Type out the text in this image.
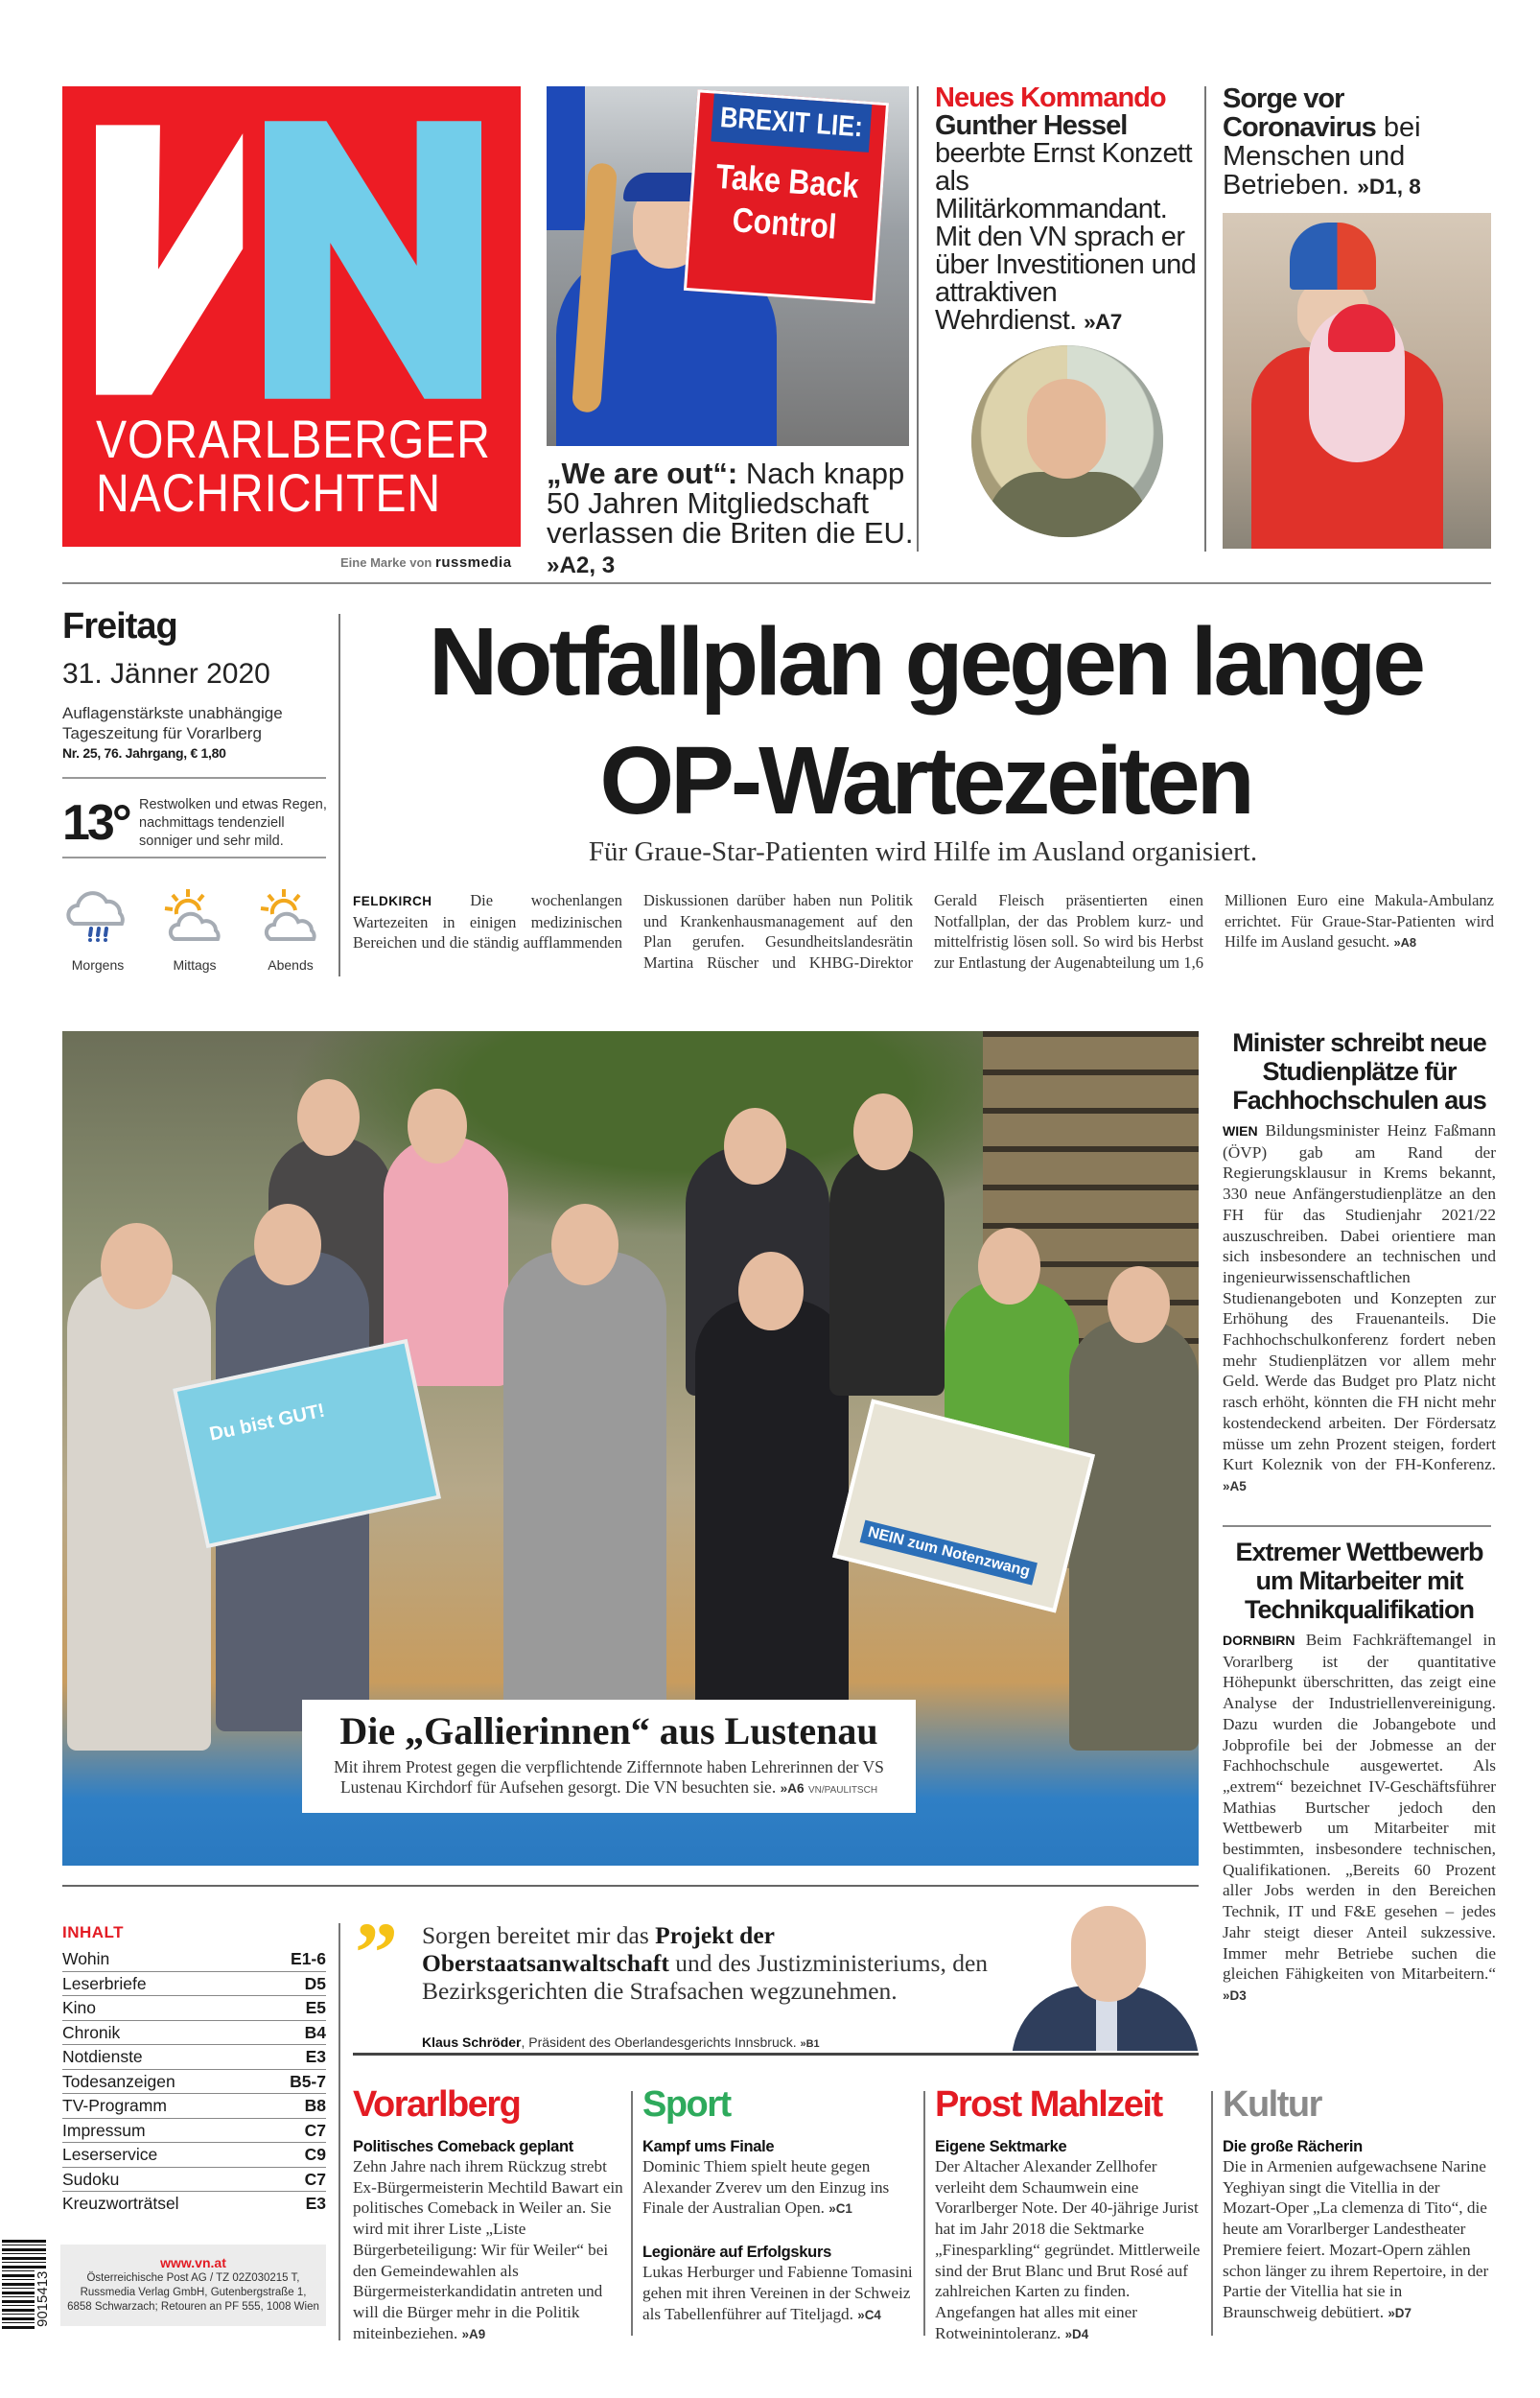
VORARLBERGER
NACHRICHTEN
Eine Marke von russmedia
BREXIT LIE:
Take Back Control
„We are out“: Nach knapp 50 Jahren Mitgliedschaft verlassen die Briten die EU. »A2, 3
Neues Kommando
Gunther Hessel beerbte Ernst Konzett als Militärkommandant. Mit den VN sprach er über Investitionen und attraktiven Wehrdienst. »A7
Sorge vor Coronavirus bei Menschen und Betrieben. »D1, 8
Freitag
31. Jänner 2020
Auflagenstärkste unabhängige Tageszeitung für Vorarlberg
Nr. 25, 76. Jahrgang, € 1,80
13° Restwolken und etwas Regen, nachmittags tendenziell sonniger und sehr mild.
Morgens	Mittags	Abends
Notfallplan gegen lange
OP-Wartezeiten
Für Graue-Star-Patienten wird Hilfe im Ausland organisiert.
FELDKIRCH Die wochenlangen Wartezeiten in einigen medizinischen Bereichen und die ständig aufflammenden Diskussionen darüber haben nun Politik und Krankenhausmanagement auf den Plan gerufen. Gesundheitslandesrätin Martina Rüscher und KHBG-Direktor Gerald Fleisch präsentierten einen Notfallplan, der das Problem kurz- und mittelfristig lösen soll. So wird bis Herbst zur Entlastung der Augenabteilung um 1,6 Millionen Euro eine Makula-Ambulanz errichtet. Für Graue-Star-Patienten wird Hilfe im Ausland gesucht. »A8
Du bist GUT!
NEIN zum Notenzwang
Die „Gallierinnen“ aus Lustenau
Mit ihrem Protest gegen die verpflichtende Ziffernnote haben Lehrerinnen der VS Lustenau Kirchdorf für Aufsehen gesorgt. Die VN besuchten sie. »A6 VN/PAULITSCH
Minister schreibt neue Studienplätze für Fachhochschulen aus
WIEN Bildungsminister Heinz Faßmann (ÖVP) gab am Rand der Regierungsklausur in Krems bekannt, 330 neue Anfängerstudienplätze an den FH für das Studienjahr 2021/22 auszuschreiben. Dabei orientiere man sich insbesondere an technischen und ingenieurwissenschaftlichen Studienangeboten und Konzepten zur Erhöhung des Frauenanteils. Die Fachhochschulkonferenz fordert neben mehr Studienplätzen vor allem mehr Geld. Werde das Budget pro Platz nicht rasch erhöht, könnten die FH nicht mehr kostendeckend arbeiten. Der Fördersatz müsse um zehn Prozent steigen, fordert Kurt Koleznik von der FH-Konferenz. »A5
Extremer Wettbewerb um Mitarbeiter mit Technikqualifikation
DORNBIRN Beim Fachkräftemangel in Vorarlberg ist der quantitative Höhepunkt überschritten, das zeigt eine Analyse der Industriellenvereinigung. Dazu wurden die Jobangebote und Jobprofile bei der Jobmesse an der Fachhochschule ausgewertet. Als „extrem“ bezeichnet IV-Geschäftsführer Mathias Burtscher jedoch den Wettbewerb um Mitarbeiter mit bestimmten, insbesondere technischen, Qualifikationen. „Bereits 60 Prozent aller Jobs werden in den Bereichen Technik, IT und F&E gesehen – jedes Jahr steigt dieser Anteil sukzessive. Immer mehr Betriebe suchen die gleichen Fähigkeiten von Mitarbeitern.“ »D3
INHALT
Wohin	E1-6
Leserbriefe	D5
Kino	E5
Chronik	B4
Notdienste	E3
Todesanzeigen	B5-7
TV-Programm	B8
Impressum	C7
Leserservice	C9
Sudoku	C7
Kreuzworträtsel	E3
9015413
www.vn.at
Österreichische Post AG / TZ 02Z030215 T,
Russmedia Verlag GmbH, Gutenbergstraße 1,
6858 Schwarzach; Retouren an PF 555, 1008 Wien
” Sorgen bereitet mir das Projekt der Oberstaatsanwaltschaft und des Justizministeriums, den Bezirksgerichten die Strafsachen wegzunehmen.
Klaus Schröder, Präsident des Oberlandesgerichts Innsbruck. »B1
Vorarlberg
Politisches Comeback geplant

Zehn Jahre nach ihrem Rückzug strebt Ex-Bürgermeisterin Mechtild Bawart ein politisches Comeback in Weiler an. Sie wird mit ihrer Liste „Liste Bürgerbeteiligung: Wir für Weiler“ bei den Gemeindewahlen als Bürgermeisterkandidatin antreten und will die Bürger mehr in die Politik miteinbeziehen. »A9

Sport
Kampf ums Finale

Dominic Thiem spielt heute gegen Alexander Zverev um den Einzug ins Finale der Australian Open. »C1

Legionäre auf Erfolgskurs

Lukas Herburger und Fabienne Tomasini gehen mit ihren Vereinen in der Schweiz als Tabellenführer auf Titeljagd. »C4

Prost Mahlzeit
Eigene Sektmarke

Der Altacher Alexander Zellhofer verleiht dem Schaumwein eine Vorarlberger Note. Der 40-jährige Jurist hat im Jahr 2018 die Sektmarke „Finesparkling“ gegründet. Mittlerweile sind der Brut Blanc und Brut Rosé auf zahlreichen Karten zu finden. Angefangen hat alles mit einer Rotweinintoleranz. »D4

Kultur
Die große Rächerin

Die in Armenien aufgewachsene Narine Yeghiyan singt die Vitellia in der Mozart-Oper „La clemenza di Tito“, die heute am Vorarlberger Landestheater Premiere feiert. Mozart-Opern zählen schon länger zu ihrem Repertoire, in der Partie der Vitellia hat sie in Braunschweig debütiert. »D7
